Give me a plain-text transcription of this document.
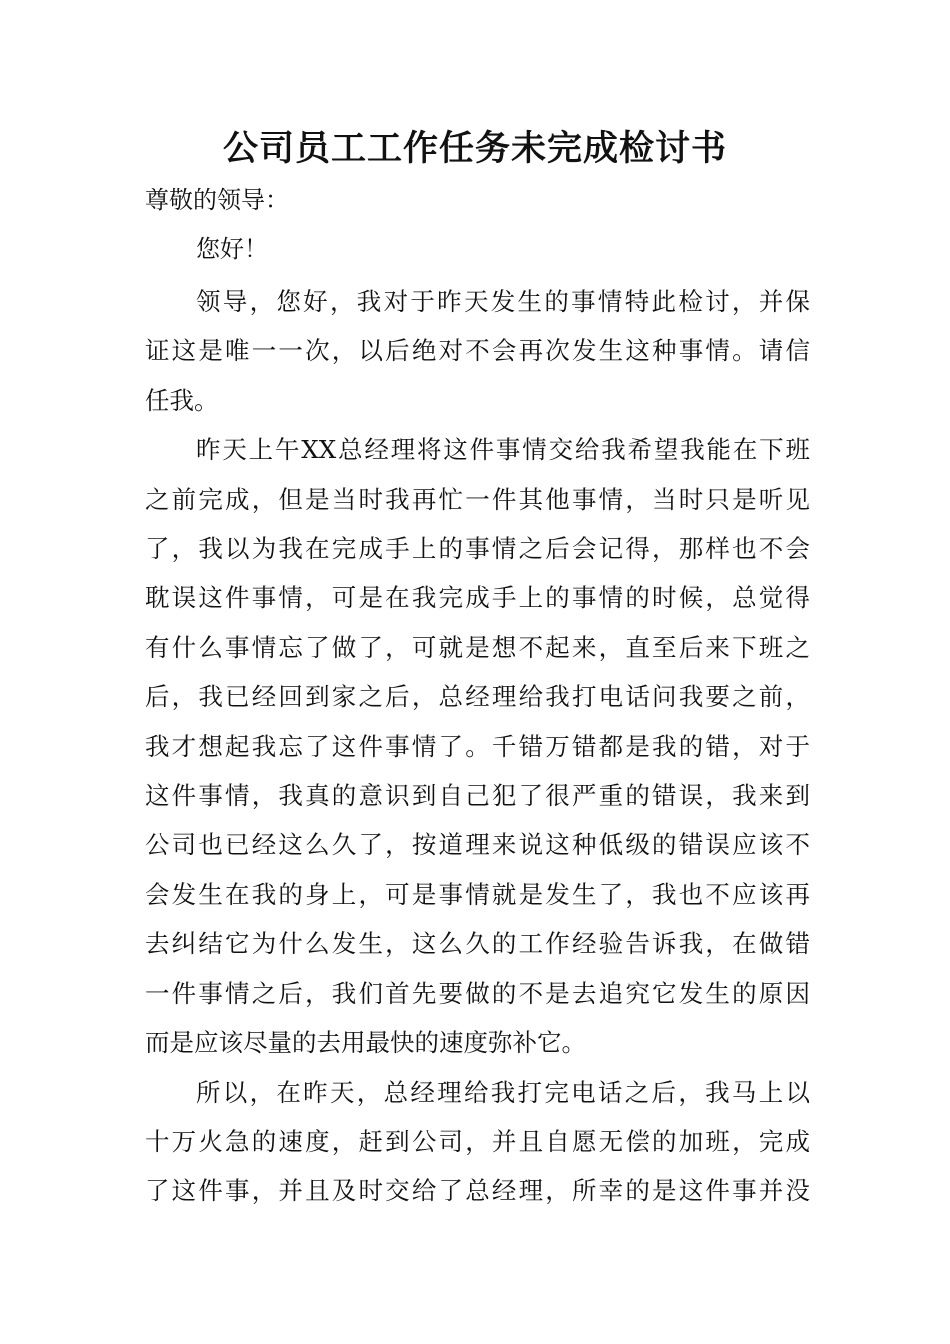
公司员工工作任务未完成检讨书

尊敬的领导：

您好！

领导，您好，我对于昨天发生的事情特此检讨，并保
证这是唯一一次，以后绝对不会再次发生这种事情。请信
任我。

昨天上午XX总经理将这件事情交给我希望我能在下班
之前完成，但是当时我再忙一件其他事情，当时只是听见
了，我以为我在完成手上的事情之后会记得，那样也不会
耽误这件事情，可是在我完成手上的事情的时候，总觉得
有什么事情忘了做了，可就是想不起来，直至后来下班之
后，我已经回到家之后，总经理给我打电话问我要之前，
我才想起我忘了这件事情了。千错万错都是我的错，对于
这件事情，我真的意识到自己犯了很严重的错误，我来到
公司也已经这么久了，按道理来说这种低级的错误应该不
会发生在我的身上，可是事情就是发生了，我也不应该再
去纠结它为什么发生，这么久的工作经验告诉我，在做错
一件事情之后，我们首先要做的不是去追究它发生的原因
而是应该尽量的去用最快的速度弥补它。

所以，在昨天，总经理给我打完电话之后，我马上以
十万火急的速度，赶到公司，并且自愿无偿的加班，完成
了这件事，并且及时交给了总经理，所幸的是这件事并没
